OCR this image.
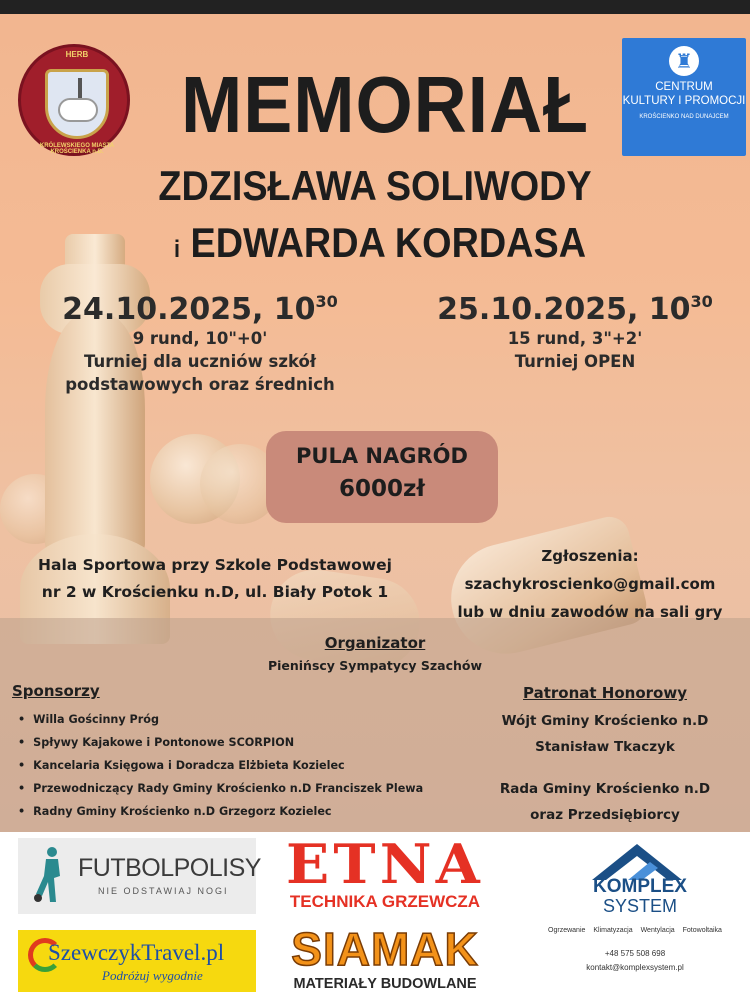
HERB
KRÓLEWSKIEGO MIASTA KROŚCIENKA n.D.
♜
CENTRUM
KULTURY I PROMOCJI
KROŚCIENKO NAD DUNAJCEM
MEMORIAŁ
ZDZISŁAWA SOLIWODY
i EDWARDA KORDASA
24.10.2025, $10^{30}$
9 rund, 10"+0'
Turniej dla uczniów szkół
podstawowych oraz średnich
25.10.2025, $10^{30}$
15 rund, 3"+2'
Turniej OPEN
PULA NAGRÓD
6000zł
Hala Sportowa przy Szkole Podstawowej
nr 2 w Krościenku n.D, ul. Biały Potok 1
Zgłoszenia:
szachykroscienko@gmail.com
lub w dniu zawodów na sali gry
Organizator
Pienińscy Sympatycy Szachów
Sponsorzy
• Willa Gościnny Próg
• Spływy Kajakowe i Pontonowe SCORPION
• Kancelaria Księgowa i Doradcza Elżbieta Kozielec
• Przewodniczący Rady Gminy Krościenko n.D Franciszek Plewa
• Radny Gminy Krościenko n.D Grzegorz Kozielec
Patronat Honorowy
Wójt Gminy Krościenko n.D
Stanisław Tkaczyk
Rada Gminy Krościenko n.D
oraz Przedsiębiorcy
FUTBOLPOLISY
NIE ODSTAWIAJ NOGI
SzewczykTravel.pl
Podróżuj wygodnie
ETNA
TECHNIKA GRZEWCZA
SIAMAK
MATERIAŁY BUDOWLANE
KOMPLEX
SYSTEM
Ogrzewanie Klimatyzacja Wentylacja Fotowoltaika
+48 575 508 698
kontakt@komplexsystem.pl
